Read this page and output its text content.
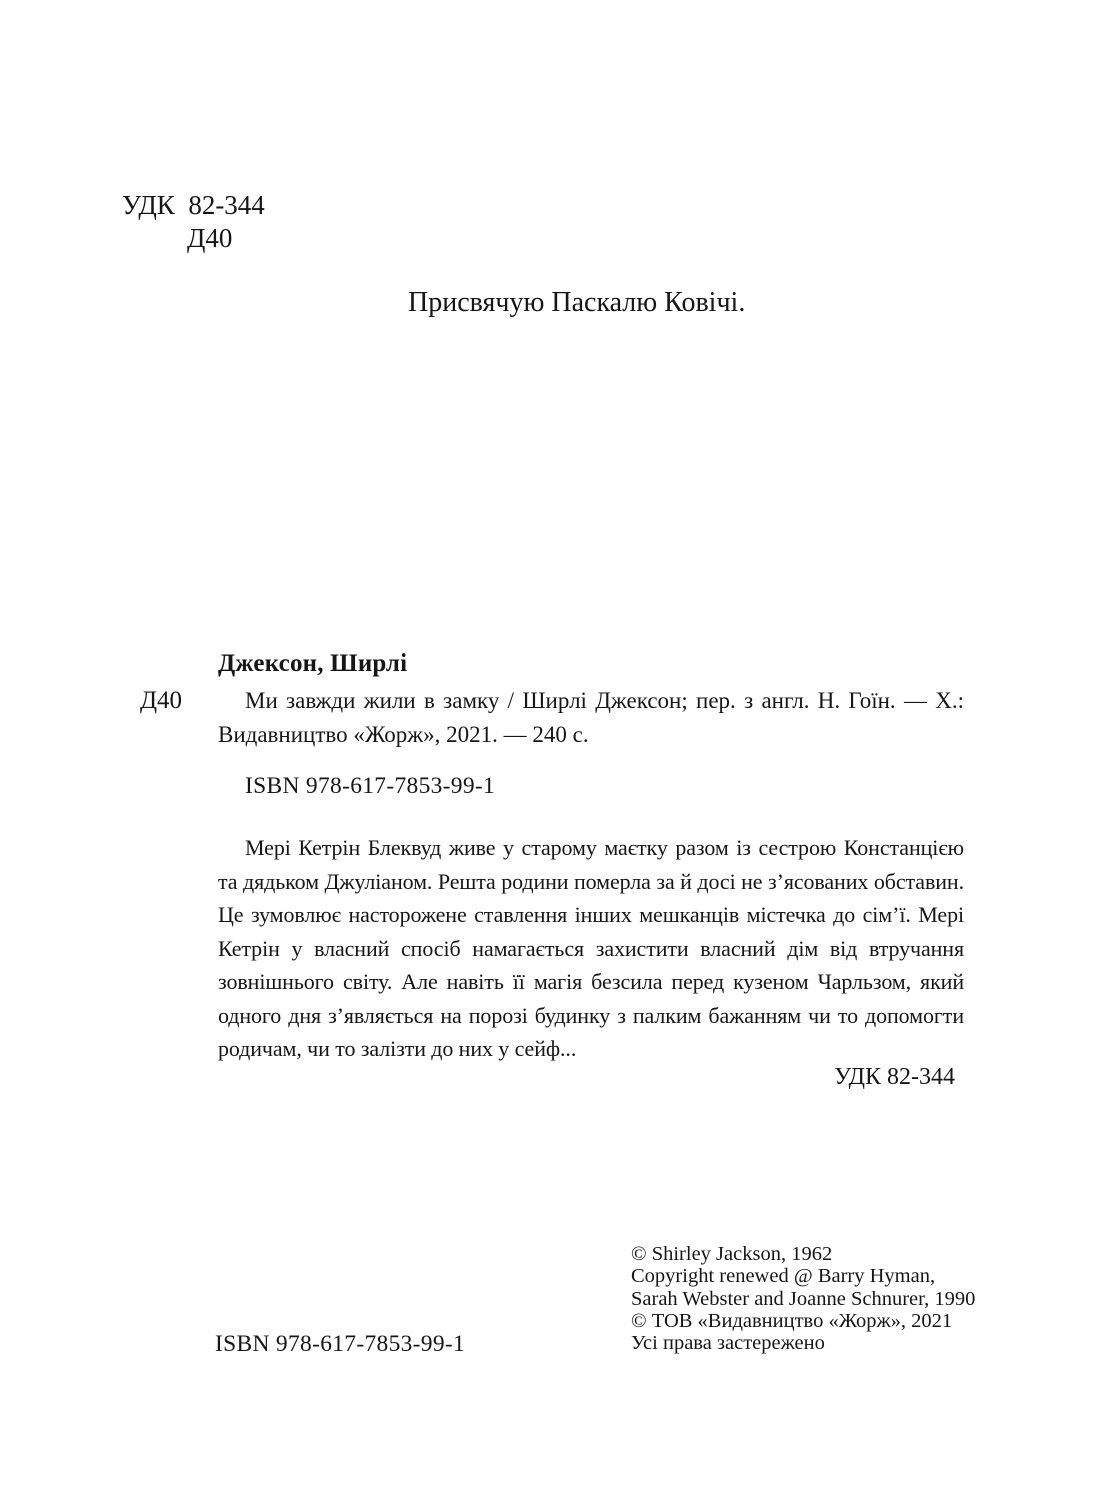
УДК  82-344
Д40
Присвячую Паскалю Ковічі.
Джексон, Ширлі
Д40	Ми завжди жили в замку / Ширлі Джексон; пер. з англ. Н. Гоїн. — Х.: Видавництво «Жорж», 2021. — 240 с.

ISBN 978-617-7853-99-1

Мері Кетрін Блеквуд живе у старому маєтку разом із сестрою Констанцією та дядьком Джуліаном. Решта родини померла за й досі не з’ясованих обставин. Це зумовлює насторожене ставлення інших мешканців містечка до сім’ї. Мері Кетрін у власний спосіб намагається захистити власний дім від втручання зовнішнього світу. Але навіть її магія безсила перед кузеном Чарльзом, який одного дня з’являється на порозі будинку з палким бажанням чи то допомогти родичам, чи то залізти до них у сейф...

УДК 82-344
© Shirley Jackson, 1962
Copyright renewed @ Barry Hyman,
Sarah Webster and Joanne Schnurer, 1990
© ТОВ «Видавництво «Жорж», 2021
Усі права застережено
ISBN 978-617-7853-99-1
